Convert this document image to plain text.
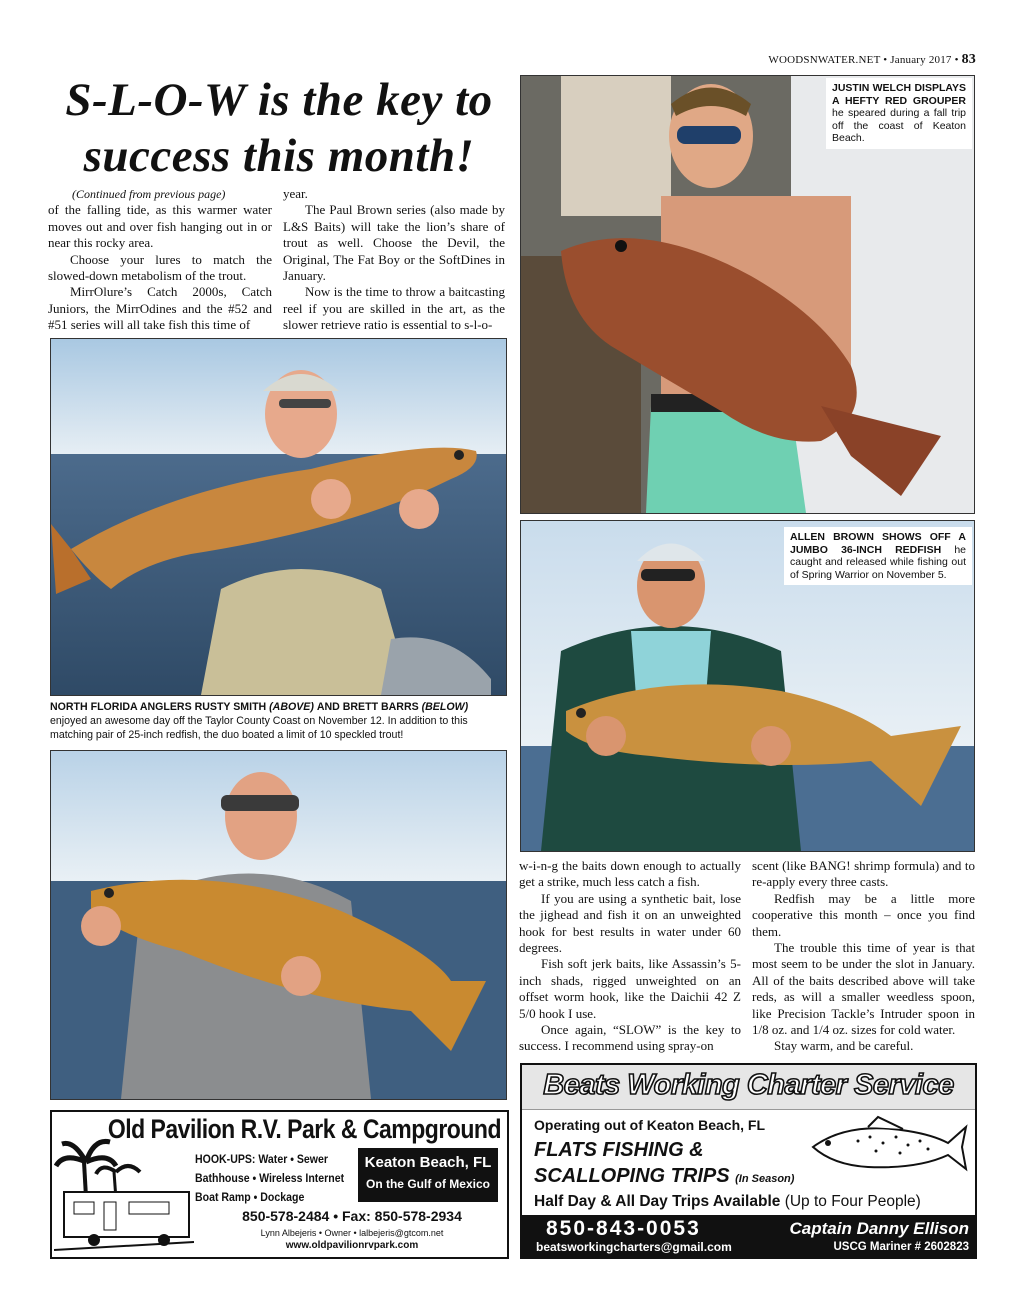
WOODSNWATER.NET • January 2017 • 83
S-L-O-W is the key to
success this month!

(Continued from previous page)

of the falling tide, as this warmer water moves out and over fish hanging out in or near this rocky area.

Choose your lures to match the slowed-down metabolism of the trout.

MirrOlure’s Catch 2000s, Catch Juniors, the MirrOdines and the #52 and #51 series will all take fish this time of

year.

The Paul Brown series (also made by L&S Baits) will take the lion’s share of trout as well. Choose the Devil, the Original, The Fat Boy or the SoftDines in January.

Now is the time to throw a baitcasting reel if you are skilled in the art, as the slower retrieve ratio is essential to s-l-o-

NORTH FLORIDA ANGLERS RUSTY SMITH (ABOVE) AND BRETT BARRS (BELOW) enjoyed an awesome day off the Taylor County Coast on November 12. In addition to this matching pair of 25-inch redfish, the duo boated a limit of 10 speckled trout!
JUSTIN WELCH DISPLAYS A HEFTY RED GROUPER he speared during a fall trip off the coast of Keaton Beach.
ALLEN BROWN SHOWS OFF A JUMBO 36-INCH REDFISH he caught and released while fishing out of Spring Warrior on November 5.

w-i-n-g the baits down enough to actually get a strike, much less catch a fish.

If you are using a synthetic bait, lose the jighead and fish it on an unweighted hook for best results in water under 60 degrees.

Fish soft jerk baits, like Assassin’s 5-inch shads, rigged unweighted on an offset worm hook, like the Daichii 42 Z 5/0 hook I use.

Once again, “SLOW” is the key to success. I recommend using spray-on

scent (like BANG! shrimp formula) and to re-apply every three casts.

Redfish may be a little more cooperative this month – once you find them.

The trouble this time of year is that most seem to be under the slot in January. All of the baits described above will take reds, as will a smaller weedless spoon, like Precision Tackle’s Intruder spoon in 1/8 oz. and 1/4 oz. sizes for cold water.

Stay warm, and be careful.

Old Pavilion R.V. Park & Campground
HOOK-UPS: Water • Sewer
Bathhouse • Wireless Internet
Boat Ramp • Dockage
Keaton Beach, FL
On the Gulf of Mexico
850-578-2484 • Fax: 850-578-2934
Lynn Albejeris • Owner • lalbejeris@gtcom.net
www.oldpavilionrvpark.com
Beats Working Charter Service
Operating out of Keaton Beach, FL
FLATS FISHING &
SCALLOPING TRIPS (In Season)
Half Day & All Day Trips Available (Up to Four People)
850-843-0053	Captain Danny Ellison
beatsworkingcharters@gmail.com	USCG Mariner # 2602823
